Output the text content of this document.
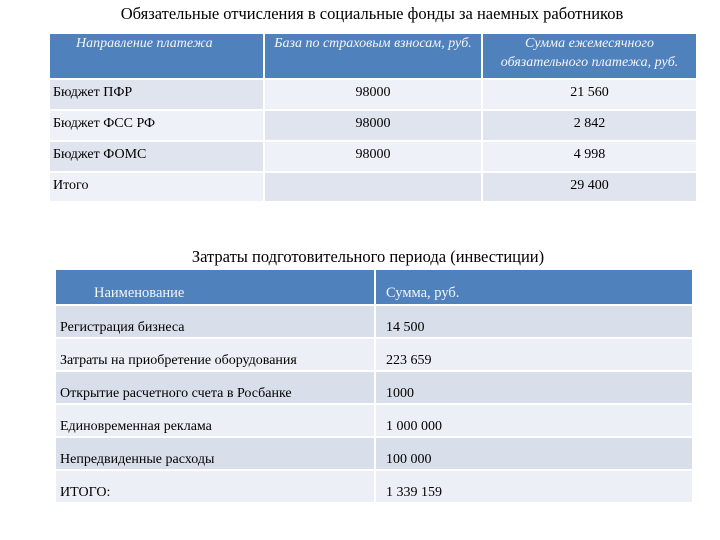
Обязательные отчисления в социальные фонды за наемных работников
Направление платежа	База по страховым взносам, руб.	Сумма ежемесячного обязательного платежа, руб.

Бюджет ПФР	98000	21 560

Бюджет ФСС РФ	98000	2 842

Бюджет ФОМС	98000	4 998

Итого		29 400
Затраты подготовительного периода (инвестиции)
Наименование	Сумма, руб.

Регистрация бизнеса	14 500

Затраты на приобретение оборудования	223 659

Открытие расчетного счета в Росбанке	1000

Единовременная реклама	1 000 000

Непредвиденные расходы	100 000

ИТОГО:	1 339 159
